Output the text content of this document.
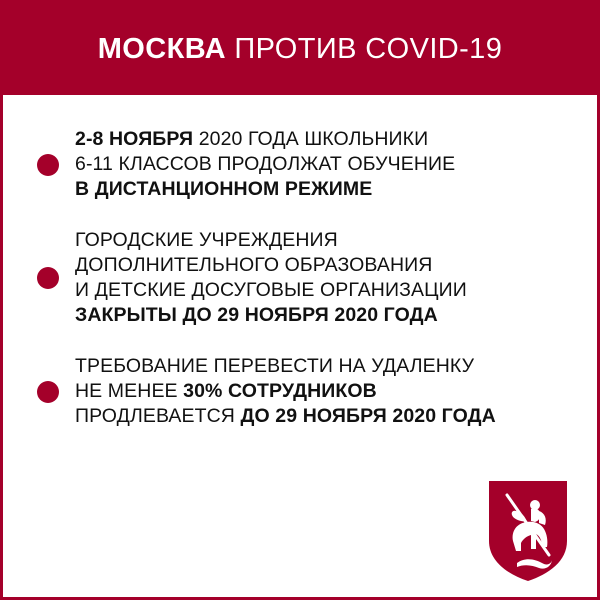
МОСКВА ПРОТИВ COVID-19
2-8 НОЯБРЯ 2020 ГОДА ШКОЛЬНИКИ
6-11 КЛАССОВ ПРОДОЛЖАТ ОБУЧЕНИЕ
В ДИСТАНЦИОННОМ РЕЖИМЕ
ГОРОДСКИЕ УЧРЕЖДЕНИЯ
ДОПОЛНИТЕЛЬНОГО ОБРАЗОВАНИЯ
И ДЕТСКИЕ ДОСУГОВЫЕ ОРГАНИЗАЦИИ
ЗАКРЫТЫ ДО 29 НОЯБРЯ 2020 ГОДА
ТРЕБОВАНИЕ ПЕРЕВЕСТИ НА УДАЛЕНКУ
НЕ МЕНЕЕ 30% СОТРУДНИКОВ
ПРОДЛЕВАЕТСЯ ДО 29 НОЯБРЯ 2020 ГОДА
